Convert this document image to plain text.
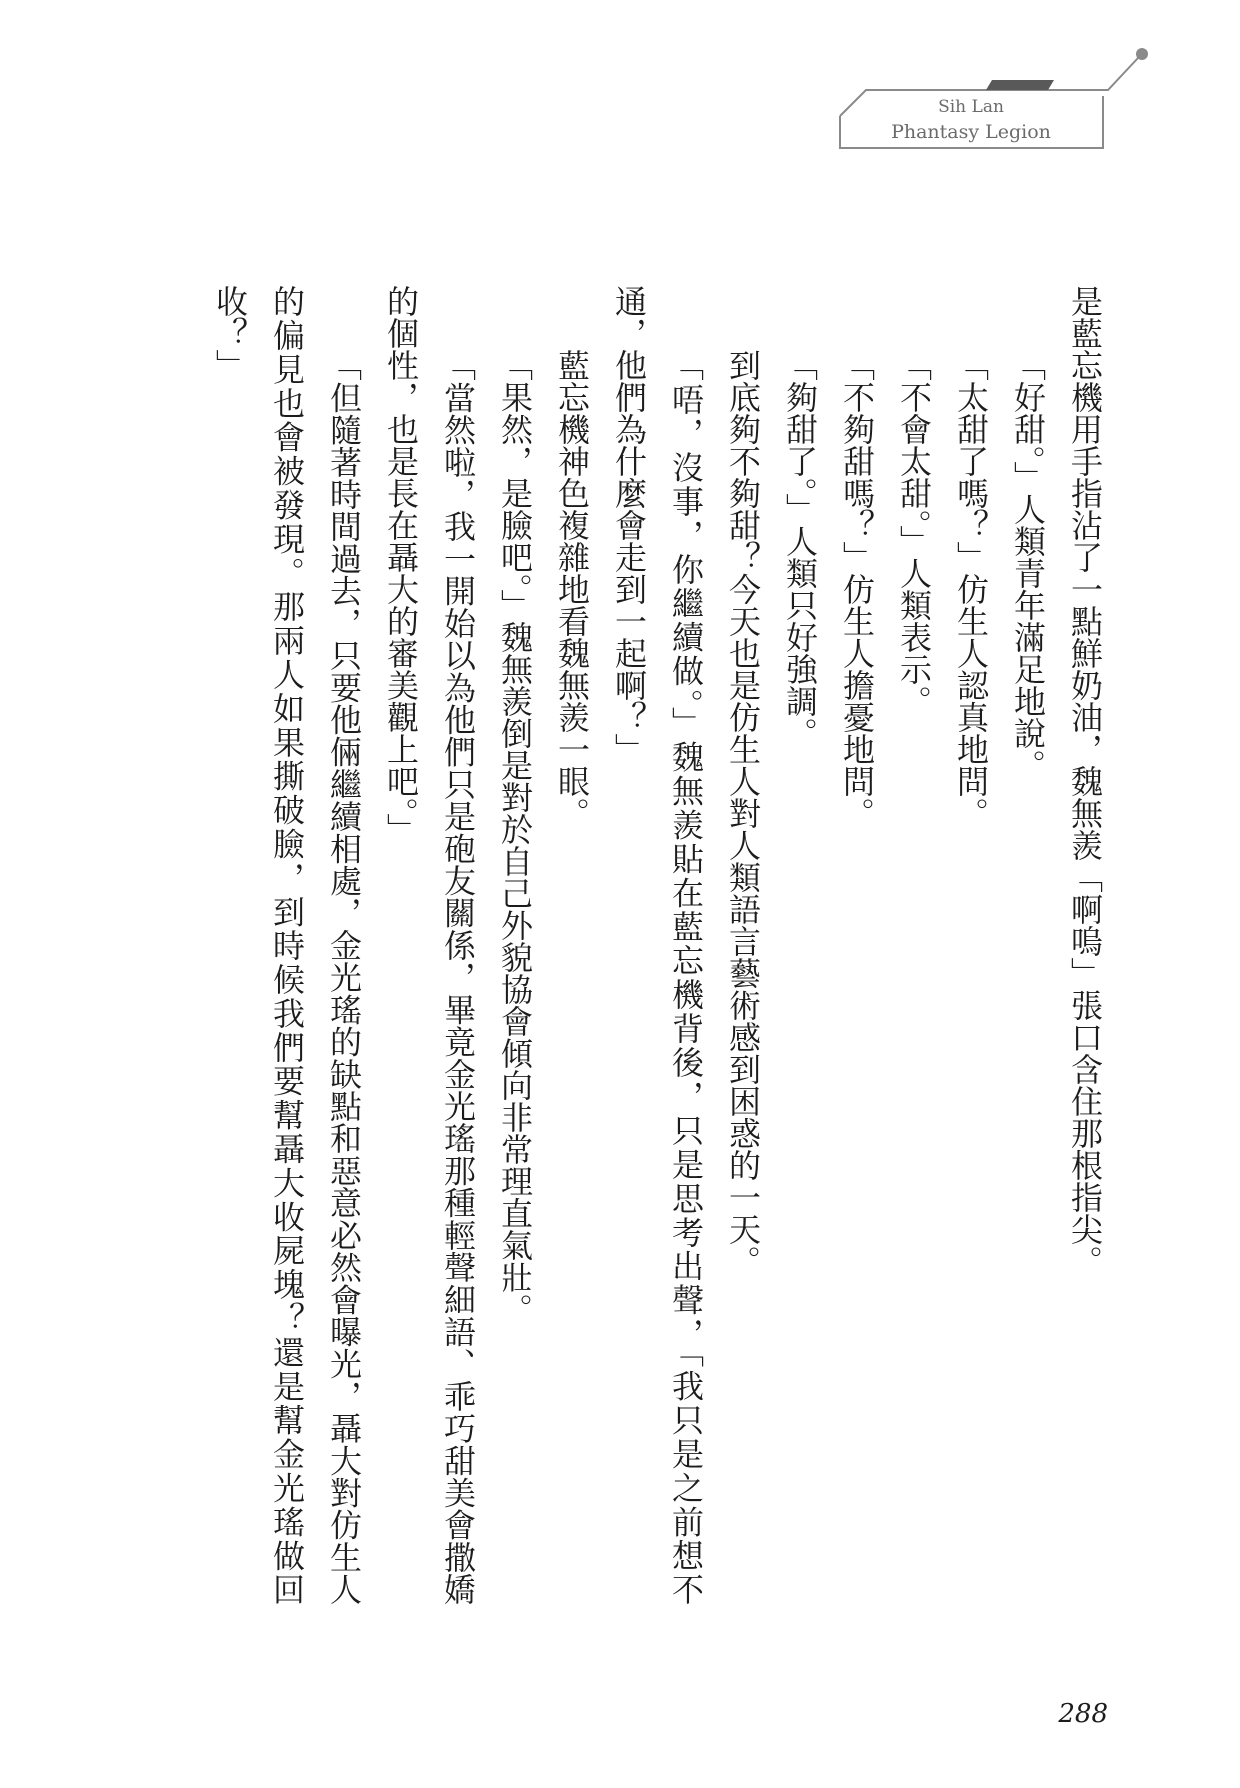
Sih Lan
Phantasy Legion

是藍忘機用手指沾了一點鮮奶油，魏無羨「啊嗚」張口含住那根指尖。

「好甜。」人類青年滿足地說。

「太甜了嗎？」仿生人認真地問。

「不會太甜。」人類表示。

「不夠甜嗎？」仿生人擔憂地問。

「夠甜了。」人類只好強調。

到底夠不夠甜？今天也是仿生人對人類語言藝術感到困惑的一天。

「唔，沒事，你繼續做。」魏無羨貼在藍忘機背後，只是思考出聲，「我只是之前想不

通，他們為什麼會走到一起啊？」

藍忘機神色複雜地看魏無羨一眼。

「果然，是臉吧。」魏無羨倒是對於自己外貌協會傾向非常理直氣壯。

「當然啦，我一開始以為他們只是砲友關係，畢竟金光瑤那種輕聲細語、乖巧甜美會撒嬌

的個性，也是長在聶大的審美觀上吧。」

「但隨著時間過去，只要他倆繼續相處，金光瑤的缺點和惡意必然會曝光，聶大對仿生人

的偏見也會被發現。那兩人如果撕破臉，到時候我們要幫聶大收屍塊？還是幫金光瑤做回

收？」

288
